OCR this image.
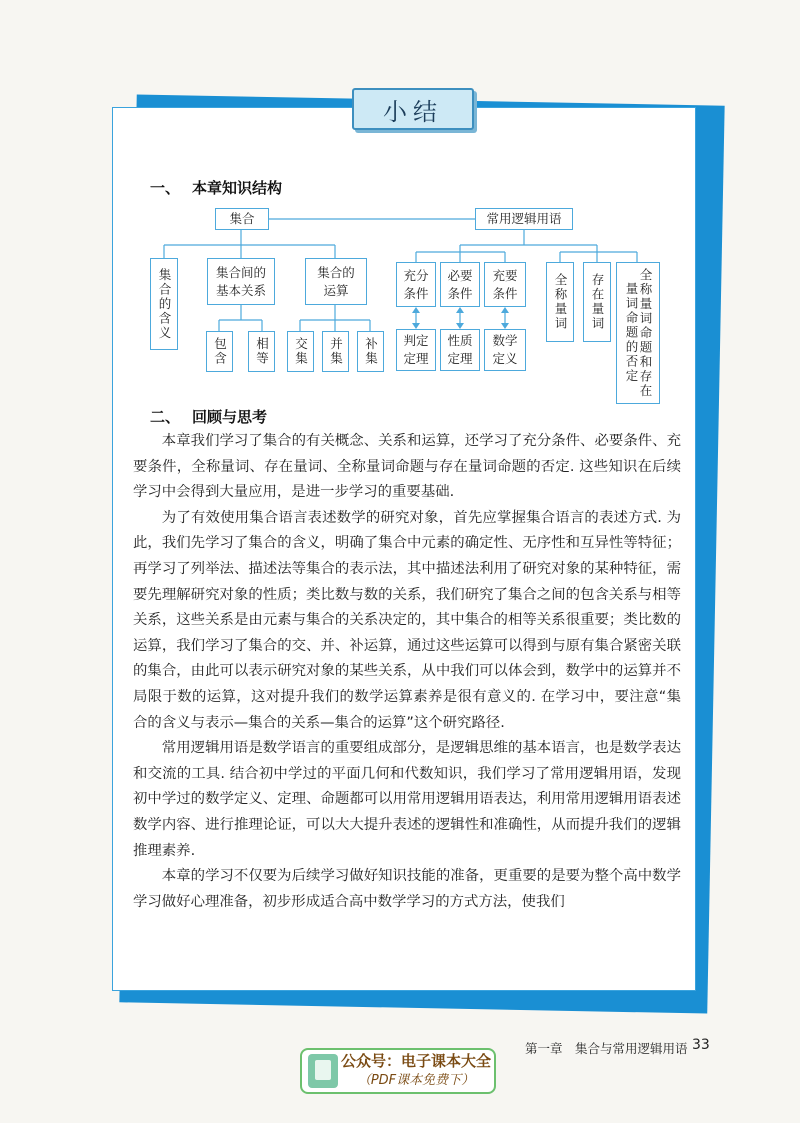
小结
一、 本章知识结构
集合	常用逻辑用语
集合的含义	集合间的
基本关系
集合的
运算
包含	相等	交集	并集	补集
充分
条件
必要
条件
充要
条件
判定
定理
性质
定理
数学
定义
全称量词	存在量词	全称量词命题和存在量词命题的否定
二、 回顾与思考

本章我们学习了集合的有关概念、关系和运算，还学习了充分条件、必要条件、充要条件，全称量词、存在量词、全称量词命题与存在量词命题的否定. 这些知识在后续学习中会得到大量应用，是进一步学习的重要基础.

为了有效使用集合语言表述数学的研究对象，首先应掌握集合语言的表述方式. 为此，我们先学习了集合的含义，明确了集合中元素的确定性、无序性和互异性等特征；再学习了列举法、描述法等集合的表示法，其中描述法利用了研究对象的某种特征，需要先理解研究对象的性质；类比数与数的关系，我们研究了集合之间的包含关系与相等关系，这些关系是由元素与集合的关系决定的，其中集合的相等关系很重要；类比数的运算，我们学习了集合的交、并、补运算，通过这些运算可以得到与原有集合紧密关联的集合，由此可以表示研究对象的某些关系，从中我们可以体会到，数学中的运算并不局限于数的运算，这对提升我们的数学运算素养是很有意义的. 在学习中，要注意“集合的含义与表示—集合的关系—集合的运算”这个研究路径.

常用逻辑用语是数学语言的重要组成部分，是逻辑思维的基本语言，也是数学表达和交流的工具. 结合初中学过的平面几何和代数知识，我们学习了常用逻辑用语，发现初中学过的数学定义、定理、命题都可以用常用逻辑用语表达，利用常用逻辑用语表述数学内容、进行推理论证，可以大大提升表述的逻辑性和准确性，从而提升我们的逻辑推理素养.

本章的学习不仅要为后续学习做好知识技能的准备，更重要的是要为整个高中数学学习做好心理准备，初步形成适合高中数学学习的方式方法，使我们

第一章　集合与常用逻辑用语 33
公众号：电子课本大全
（PDF课本免费下）
